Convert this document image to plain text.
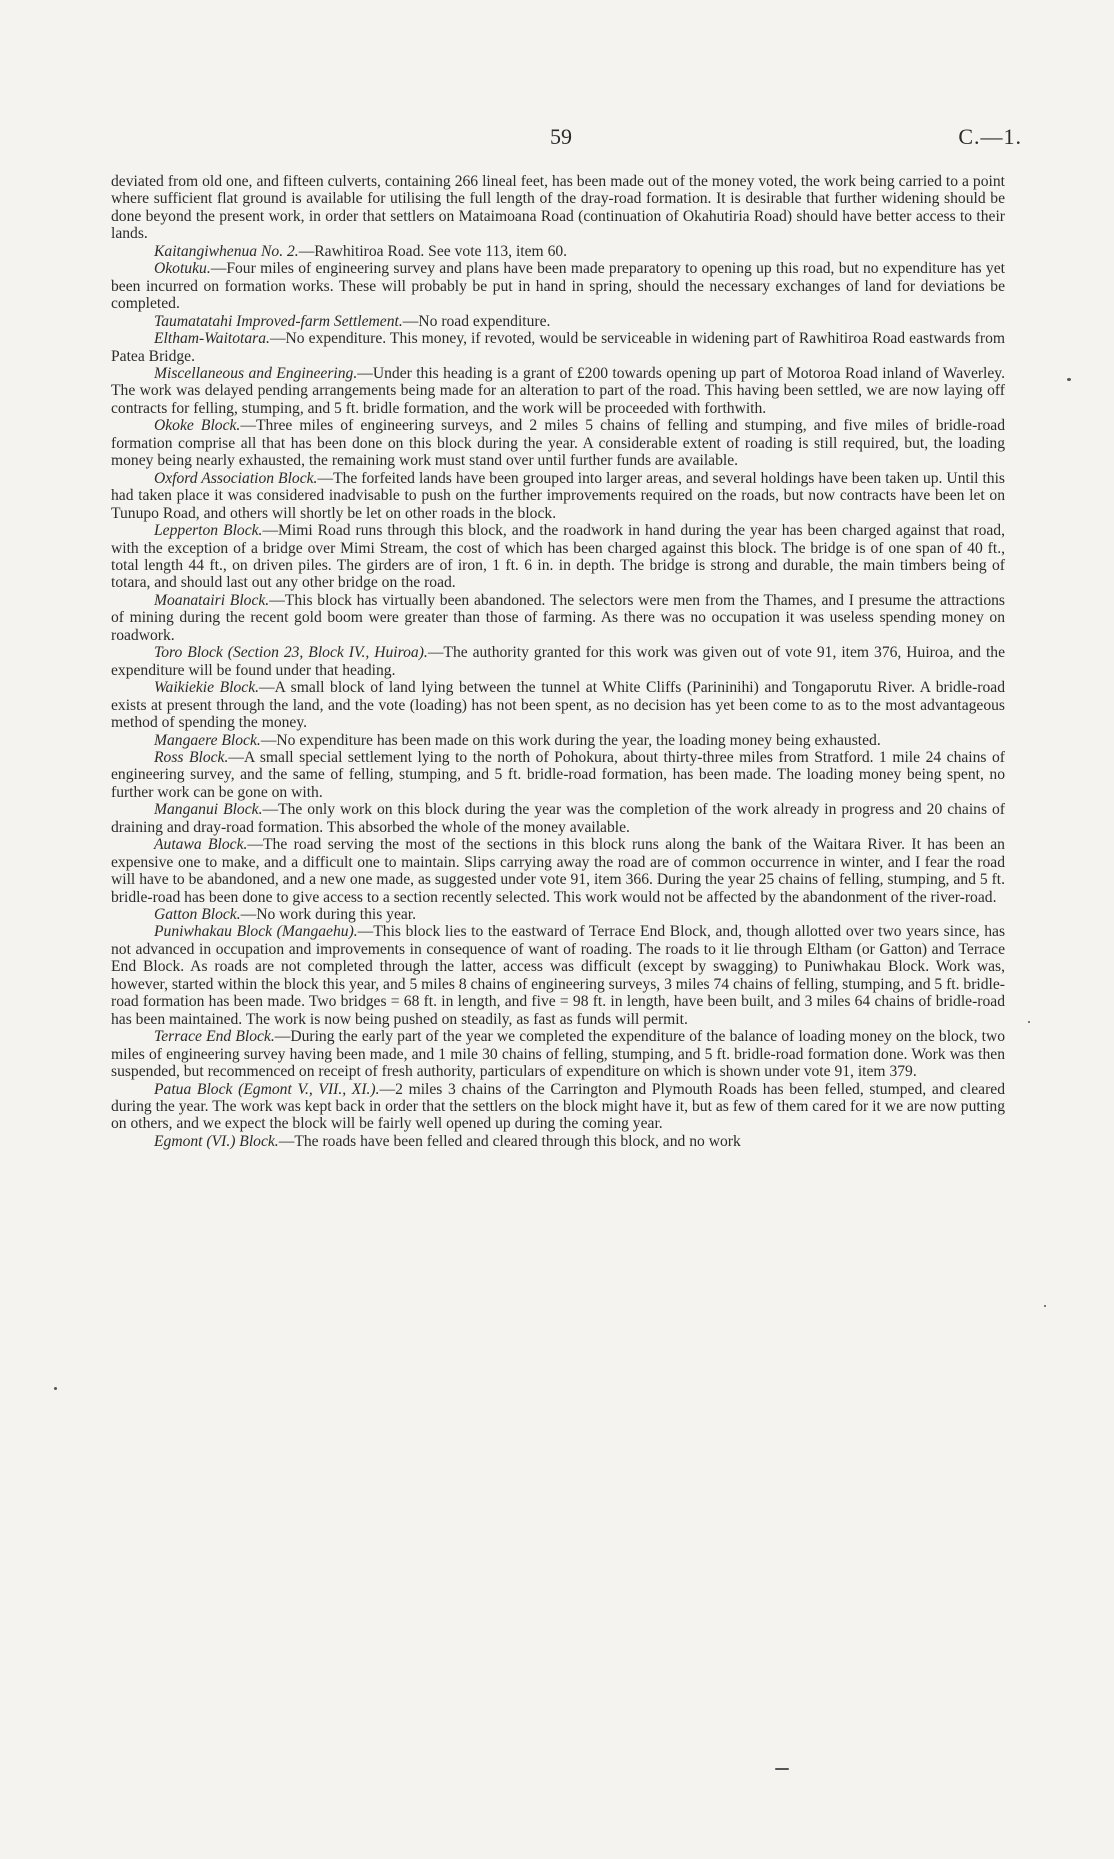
59	C.—1.

deviated from old one, and fifteen culverts, containing 266 lineal feet, has been made out of the money voted, the work being carried to a point where sufficient flat ground is available for utilising the full length of the dray-road formation. It is desirable that further widening should be done beyond the present work, in order that settlers on Mataimoana Road (continuation of Okahutiria Road) should have better access to their lands.

Kaitangiwhenua No. 2.—Rawhitiroa Road. See vote 113, item 60.

Okotuku.—Four miles of engineering survey and plans have been made preparatory to opening up this road, but no expenditure has yet been incurred on formation works. These will probably be put in hand in spring, should the necessary exchanges of land for deviations be completed.

Taumatatahi Improved-farm Settlement.—No road expenditure.

Eltham-Waitotara.—No expenditure. This money, if revoted, would be serviceable in widening part of Rawhitiroa Road eastwards from Patea Bridge.

Miscellaneous and Engineering.—Under this heading is a grant of £200 towards opening up part of Motoroa Road inland of Waverley. The work was delayed pending arrangements being made for an alteration to part of the road. This having been settled, we are now laying off contracts for felling, stumping, and 5 ft. bridle formation, and the work will be proceeded with forthwith.

Okoke Block.—Three miles of engineering surveys, and 2 miles 5 chains of felling and stumping, and five miles of bridle-road formation comprise all that has been done on this block during the year. A considerable extent of roading is still required, but, the loading money being nearly exhausted, the remaining work must stand over until further funds are available.

Oxford Association Block.—The forfeited lands have been grouped into larger areas, and several holdings have been taken up. Until this had taken place it was considered inadvisable to push on the further improvements required on the roads, but now contracts have been let on Tunupo Road, and others will shortly be let on other roads in the block.

Lepperton Block.—Mimi Road runs through this block, and the roadwork in hand during the year has been charged against that road, with the exception of a bridge over Mimi Stream, the cost of which has been charged against this block. The bridge is of one span of 40 ft., total length 44 ft., on driven piles. The girders are of iron, 1 ft. 6 in. in depth. The bridge is strong and durable, the main timbers being of totara, and should last out any other bridge on the road.

Moanatairi Block.—This block has virtually been abandoned. The selectors were men from the Thames, and I presume the attractions of mining during the recent gold boom were greater than those of farming. As there was no occupation it was useless spending money on roadwork.

Toro Block (Section 23, Block IV., Huiroa).—The authority granted for this work was given out of vote 91, item 376, Huiroa, and the expenditure will be found under that heading.

Waikiekie Block.—A small block of land lying between the tunnel at White Cliffs (Parininihi) and Tongaporutu River. A bridle-road exists at present through the land, and the vote (loading) has not been spent, as no decision has yet been come to as to the most advantageous method of spending the money.

Mangaere Block.—No expenditure has been made on this work during the year, the loading money being exhausted.

Ross Block.—A small special settlement lying to the north of Pohokura, about thirty-three miles from Stratford. 1 mile 24 chains of engineering survey, and the same of felling, stumping, and 5 ft. bridle-road formation, has been made. The loading money being spent, no further work can be gone on with.

Manganui Block.—The only work on this block during the year was the completion of the work already in progress and 20 chains of draining and dray-road formation. This absorbed the whole of the money available.

Autawa Block.—The road serving the most of the sections in this block runs along the bank of the Waitara River. It has been an expensive one to make, and a difficult one to maintain. Slips carrying away the road are of common occurrence in winter, and I fear the road will have to be abandoned, and a new one made, as suggested under vote 91, item 366. During the year 25 chains of felling, stumping, and 5 ft. bridle-road has been done to give access to a section recently selected. This work would not be affected by the abandonment of the river-road.

Gatton Block.—No work during this year.

Puniwhakau Block (Mangaehu).—This block lies to the eastward of Terrace End Block, and, though allotted over two years since, has not advanced in occupation and improvements in consequence of want of roading. The roads to it lie through Eltham (or Gatton) and Terrace End Block. As roads are not completed through the latter, access was difficult (except by swagging) to Puniwhakau Block. Work was, however, started within the block this year, and 5 miles 8 chains of engineering surveys, 3 miles 74 chains of felling, stumping, and 5 ft. bridle-road formation has been made. Two bridges = 68 ft. in length, and five = 98 ft. in length, have been built, and 3 miles 64 chains of bridle-road has been maintained. The work is now being pushed on steadily, as fast as funds will permit.

Terrace End Block.—During the early part of the year we completed the expenditure of the balance of loading money on the block, two miles of engineering survey having been made, and 1 mile 30 chains of felling, stumping, and 5 ft. bridle-road formation done. Work was then suspended, but recommenced on receipt of fresh authority, particulars of expenditure on which is shown under vote 91, item 379.

Patua Block (Egmont V., VII., XI.).—2 miles 3 chains of the Carrington and Plymouth Roads has been felled, stumped, and cleared during the year. The work was kept back in order that the settlers on the block might have it, but as few of them cared for it we are now putting on others, and we expect the block will be fairly well opened up during the coming year.

Egmont (VI.) Block.—The roads have been felled and cleared through this block, and no work
